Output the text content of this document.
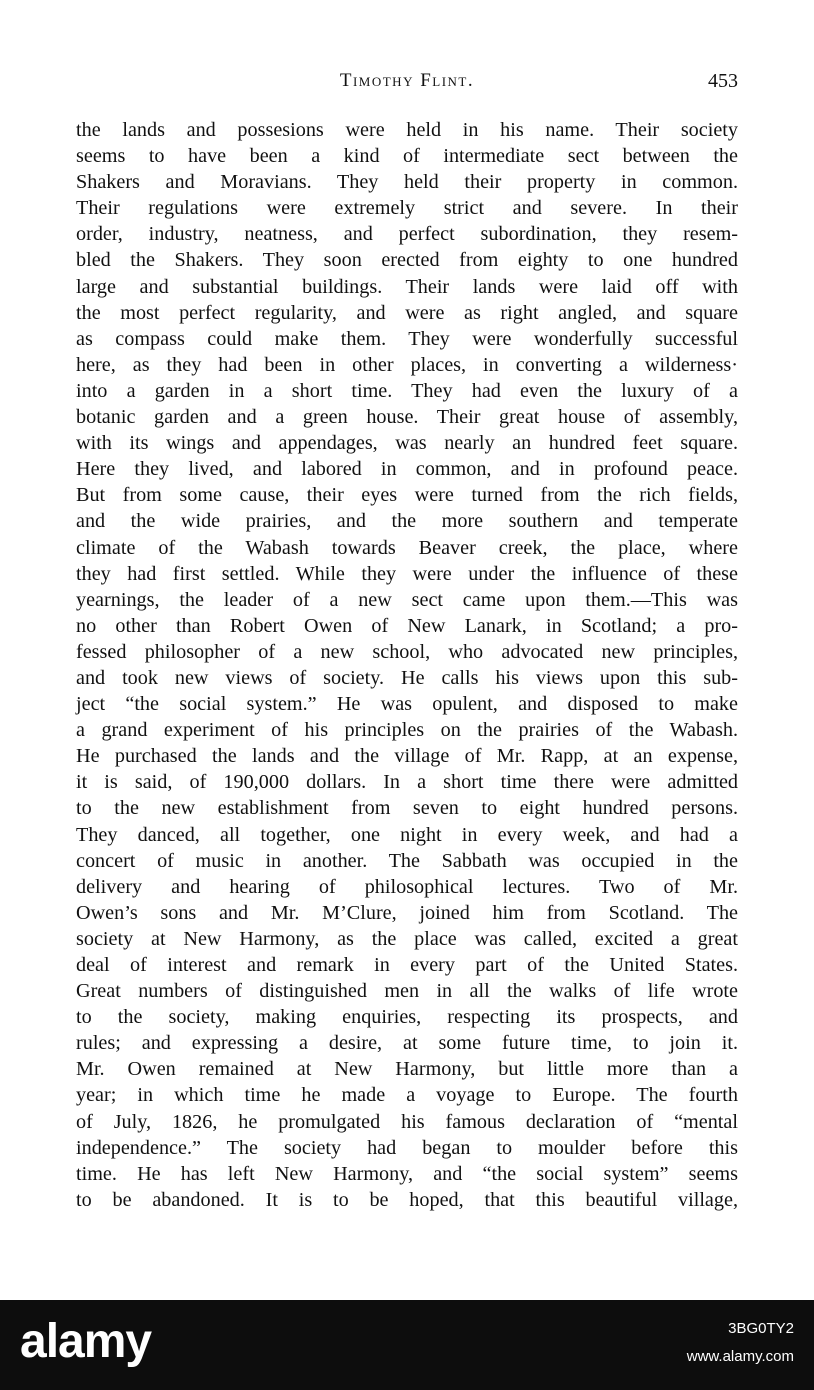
Timothy Flint.	453
the lands and possesions were held in his name. Their society
seems to have been a kind of intermediate sect between the
Shakers and Moravians. They held their property in common.
Their regulations were extremely strict and severe. In their
order, industry, neatness, and perfect subordination, they resem-
bled the Shakers. They soon erected from eighty to one hundred
large and substantial buildings. Their lands were laid off with
the most perfect regularity, and were as right angled, and square
as compass could make them. They were wonderfully successful
here, as they had been in other places, in converting a wilderness·
into a garden in a short time. They had even the luxury of a
botanic garden and a green house. Their great house of assembly,
with its wings and appendages, was nearly an hundred feet square.
Here they lived, and labored in common, and in profound peace.
But from some cause, their eyes were turned from the rich fields,
and the wide prairies, and the more southern and temperate
climate of the Wabash towards Beaver creek, the place, where
they had first settled. While they were under the influence of these
yearnings, the leader of a new sect came upon them.—This was
no other than Robert Owen of New Lanark, in Scotland; a pro-
fessed philosopher of a new school, who advocated new principles,
and took new views of society. He calls his views upon this sub-
ject “the social system.” He was opulent, and disposed to make
a grand experiment of his principles on the prairies of the Wabash.
He purchased the lands and the village of Mr. Rapp, at an expense,
it is said, of 190,000 dollars. In a short time there were admitted
to the new establishment from seven to eight hundred persons.
They danced, all together, one night in every week, and had a
concert of music in another. The Sabbath was occupied in the
delivery and hearing of philosophical lectures. Two of Mr.
Owen’s sons and Mr. M’Clure, joined him from Scotland. The
society at New Harmony, as the place was called, excited a great
deal of interest and remark in every part of the United States.
Great numbers of distinguished men in all the walks of life wrote
to the society, making enquiries, respecting its prospects, and
rules; and expressing a desire, at some future time, to join it.
Mr. Owen remained at New Harmony, but little more than a
year; in which time he made a voyage to Europe. The fourth
of July, 1826, he promulgated his famous declaration of “mental
independence.” The society had began to moulder before this
time. He has left New Harmony, and “the social system” seems
to be abandoned. It is to be hoped, that this beautiful village,
alamy	3BG0TY2
www.alamy.com
